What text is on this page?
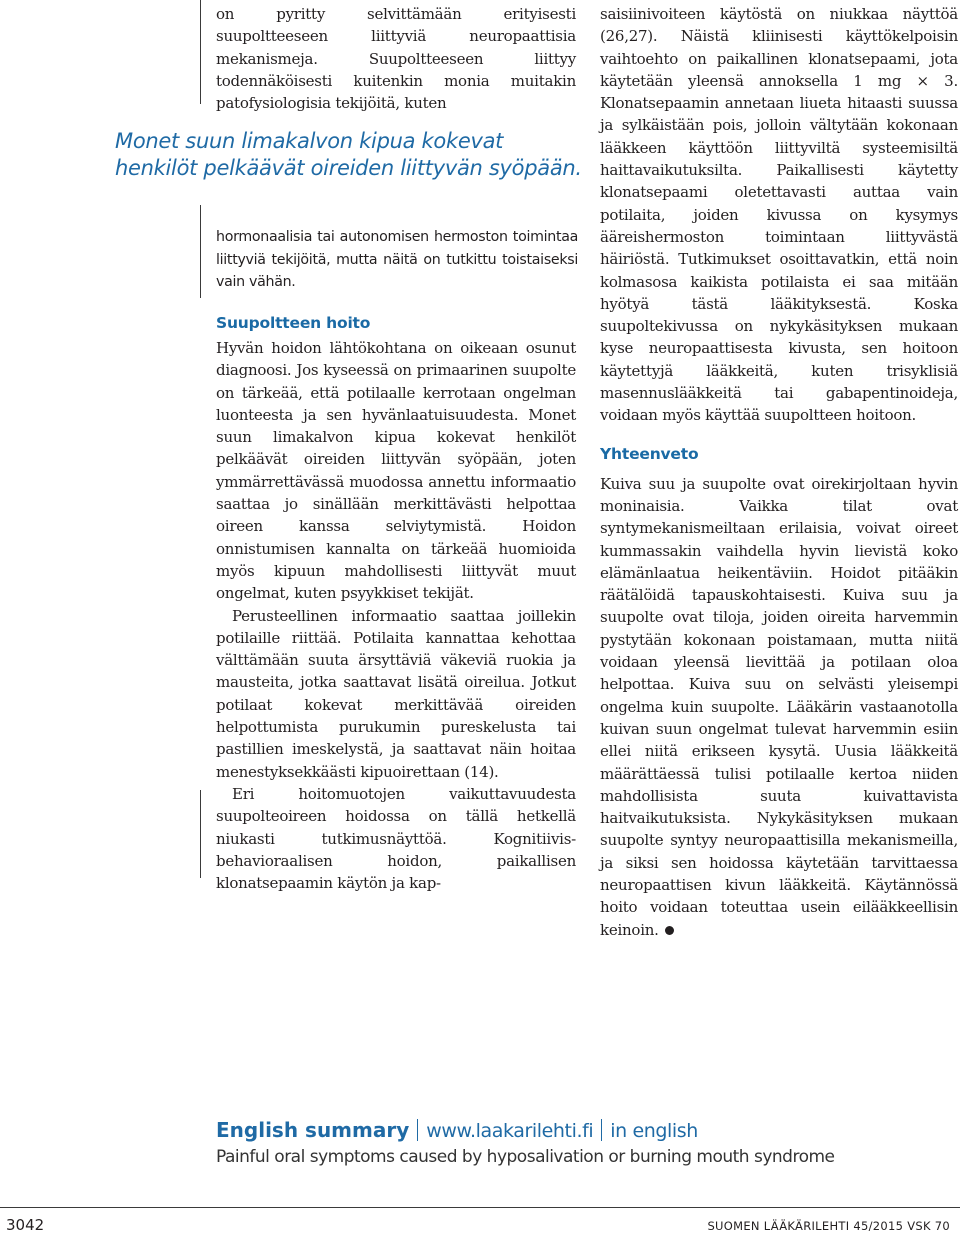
on pyritty selvittämään erityisesti suupoltteeseen liittyviä neuropaattisia mekanismeja. Suupoltteeseen liittyy todennäköisesti kuitenkin monia muitakin patofysiologisia tekijöitä, kuten

Monet suun limakalvon kipua kokevat henkilöt pelkäävät oireiden liittyvän syöpään.
hormonaalisia tai autonomisen hermoston toimintaa liittyviä tekijöitä, mutta näitä on tutkittu toistaiseksi vain vähän.
Suupoltteen hoito

Hyvän hoidon lähtökohtana on oikeaan osunut diagnoosi. Jos kyseessä on primaarinen suupolte on tärkeää, että potilaalle kerrotaan ongelman luonteesta ja sen hyvänlaatuisuudesta. Monet suun limakalvon kipua kokevat henkilöt pelkäävät oireiden liittyvän syöpään, joten ymmärrettävässä muodossa annettu informaatio saattaa jo sinällään merkittävästi helpottaa oireen kanssa selviytymistä. Hoidon onnistumisen kannalta on tärkeää huomioida myös kipuun mahdollisesti liittyvät muut ongelmat, kuten psyykkiset tekijät.

Perusteellinen informaatio saattaa joillekin potilaille riittää. Potilaita kannattaa kehottaa välttämään suuta ärsyttäviä väkeviä ruokia ja mausteita, jotka saattavat lisätä oireilua. Jotkut potilaat kokevat merkittävää oireiden helpottumista purukumin pureskelusta tai pastillien imeskelystä, ja saattavat näin hoitaa menestyksekkäästi kipuoirettaan (14).

Eri hoitomuotojen vaikuttavuudesta suupolteoireen hoidossa on tällä hetkellä niukasti tutkimusnäyttöä. Kognitiivis-behavioraalisen hoidon, paikallisen klonatsepaamin käytön ja kap-

saisiinivoiteen käytöstä on niukkaa näyttöä (26,27). Näistä kliinisesti käyttökelpoisin vaihtoehto on paikallinen klonatsepaami, jota käytetään yleensä annoksella 1 mg × 3. Klonatsepaamin annetaan liueta hitaasti suussa ja sylkäistään pois, jolloin vältytään kokonaan lääkkeen käyttöön liittyviltä systeemisiltä haittavaikutuksilta. Paikallisesti käytetty klonatsepaami oletettavasti auttaa vain potilaita, joiden kivussa on kysymys ääreishermoston toimintaan liittyvästä häiriöstä. Tutkimukset osoittavatkin, että noin kolmasosa kaikista potilaista ei saa mitään hyötyä tästä lääkityksestä. Koska suupoltekivussa on nykykäsityksen mukaan kyse neuropaattisesta kivusta, sen hoitoon käytettyjä lääkkeitä, kuten trisyklisiä masennuslääkkeitä tai gabapentinoideja, voidaan myös käyttää suupoltteen hoitoon.

Yhteenveto

Kuiva suu ja suupolte ovat oirekirjoltaan hyvin moninaisia. Vaikka tilat ovat syntymekanismeiltaan erilaisia, voivat oireet kummassakin vaihdella hyvin lievistä koko elämänlaatua heikentäviin. Hoidot pitääkin räätälöidä tapauskohtaisesti. Kuiva suu ja suupolte ovat tiloja, joiden oireita harvemmin pystytään kokonaan poistamaan, mutta niitä voidaan yleensä lievittää ja potilaan oloa helpottaa. Kuiva suu on selvästi yleisempi ongelma kuin suupolte. Lääkärin vastaanotolla kuivan suun ongelmat tulevat harvemmin esiin ellei niitä erikseen kysytä. Uusia lääkkeitä määrättäessä tulisi potilaalle kertoa niiden mahdollisista suuta kuivattavista haitvaikutuksista. Nykykäsityksen mukaan suupolte syntyy neuropaattisilla mekanismeilla, ja siksi sen hoidossa käytetään tarvittaessa neuropaattisen kivun lääkkeitä. Käytännössä hoito voidaan toteuttaa usein eilääkkeellisin keinoin.

English summary www.laakarilehti.fi in english
Painful oral symptoms caused by hyposalivation or burning mouth syndrome
3042	SUOMEN LÄÄKÄRILEHTI 45/2015 VSK 70
